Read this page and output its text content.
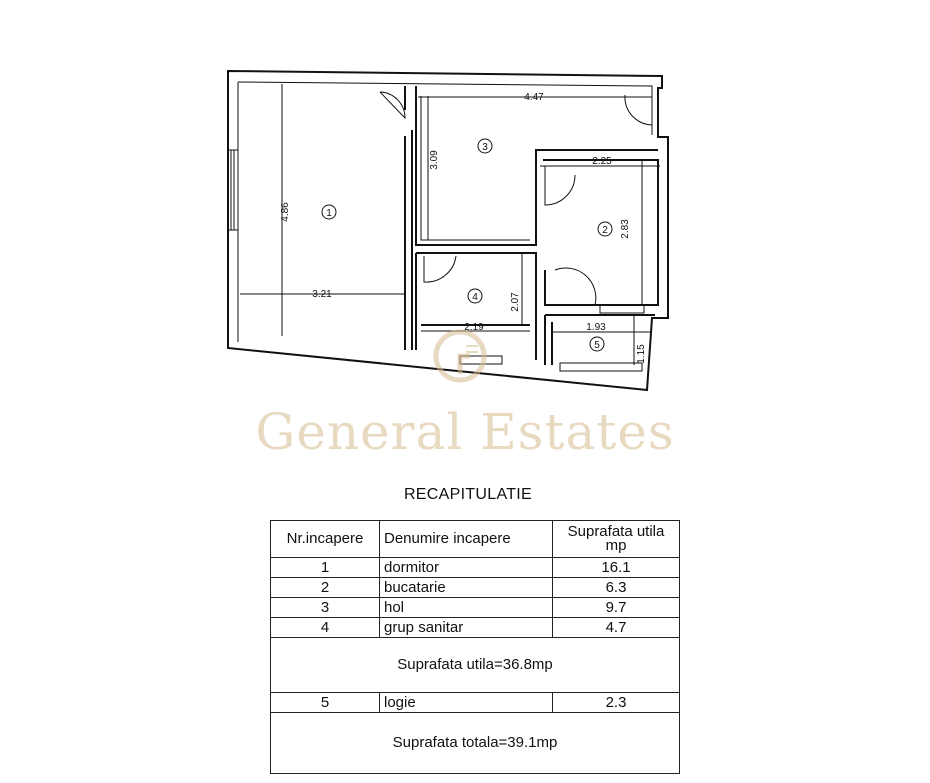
1
3
2
4
5
4.47
4.86
3.09	2.25
2.83
3.21	2.07
2.19	1.93
1.15
General Estates
RECAPITULATIE
Nr.incapere	Denumire incapere	Suprafata utila
mp

1	dormitor	16.1
2	bucatarie	6.3
3	hol	9.7
4	grup sanitar	4.7
Suprafata utila=36.8mp		
5	logie	2.3
Suprafata totala=39.1mp		
